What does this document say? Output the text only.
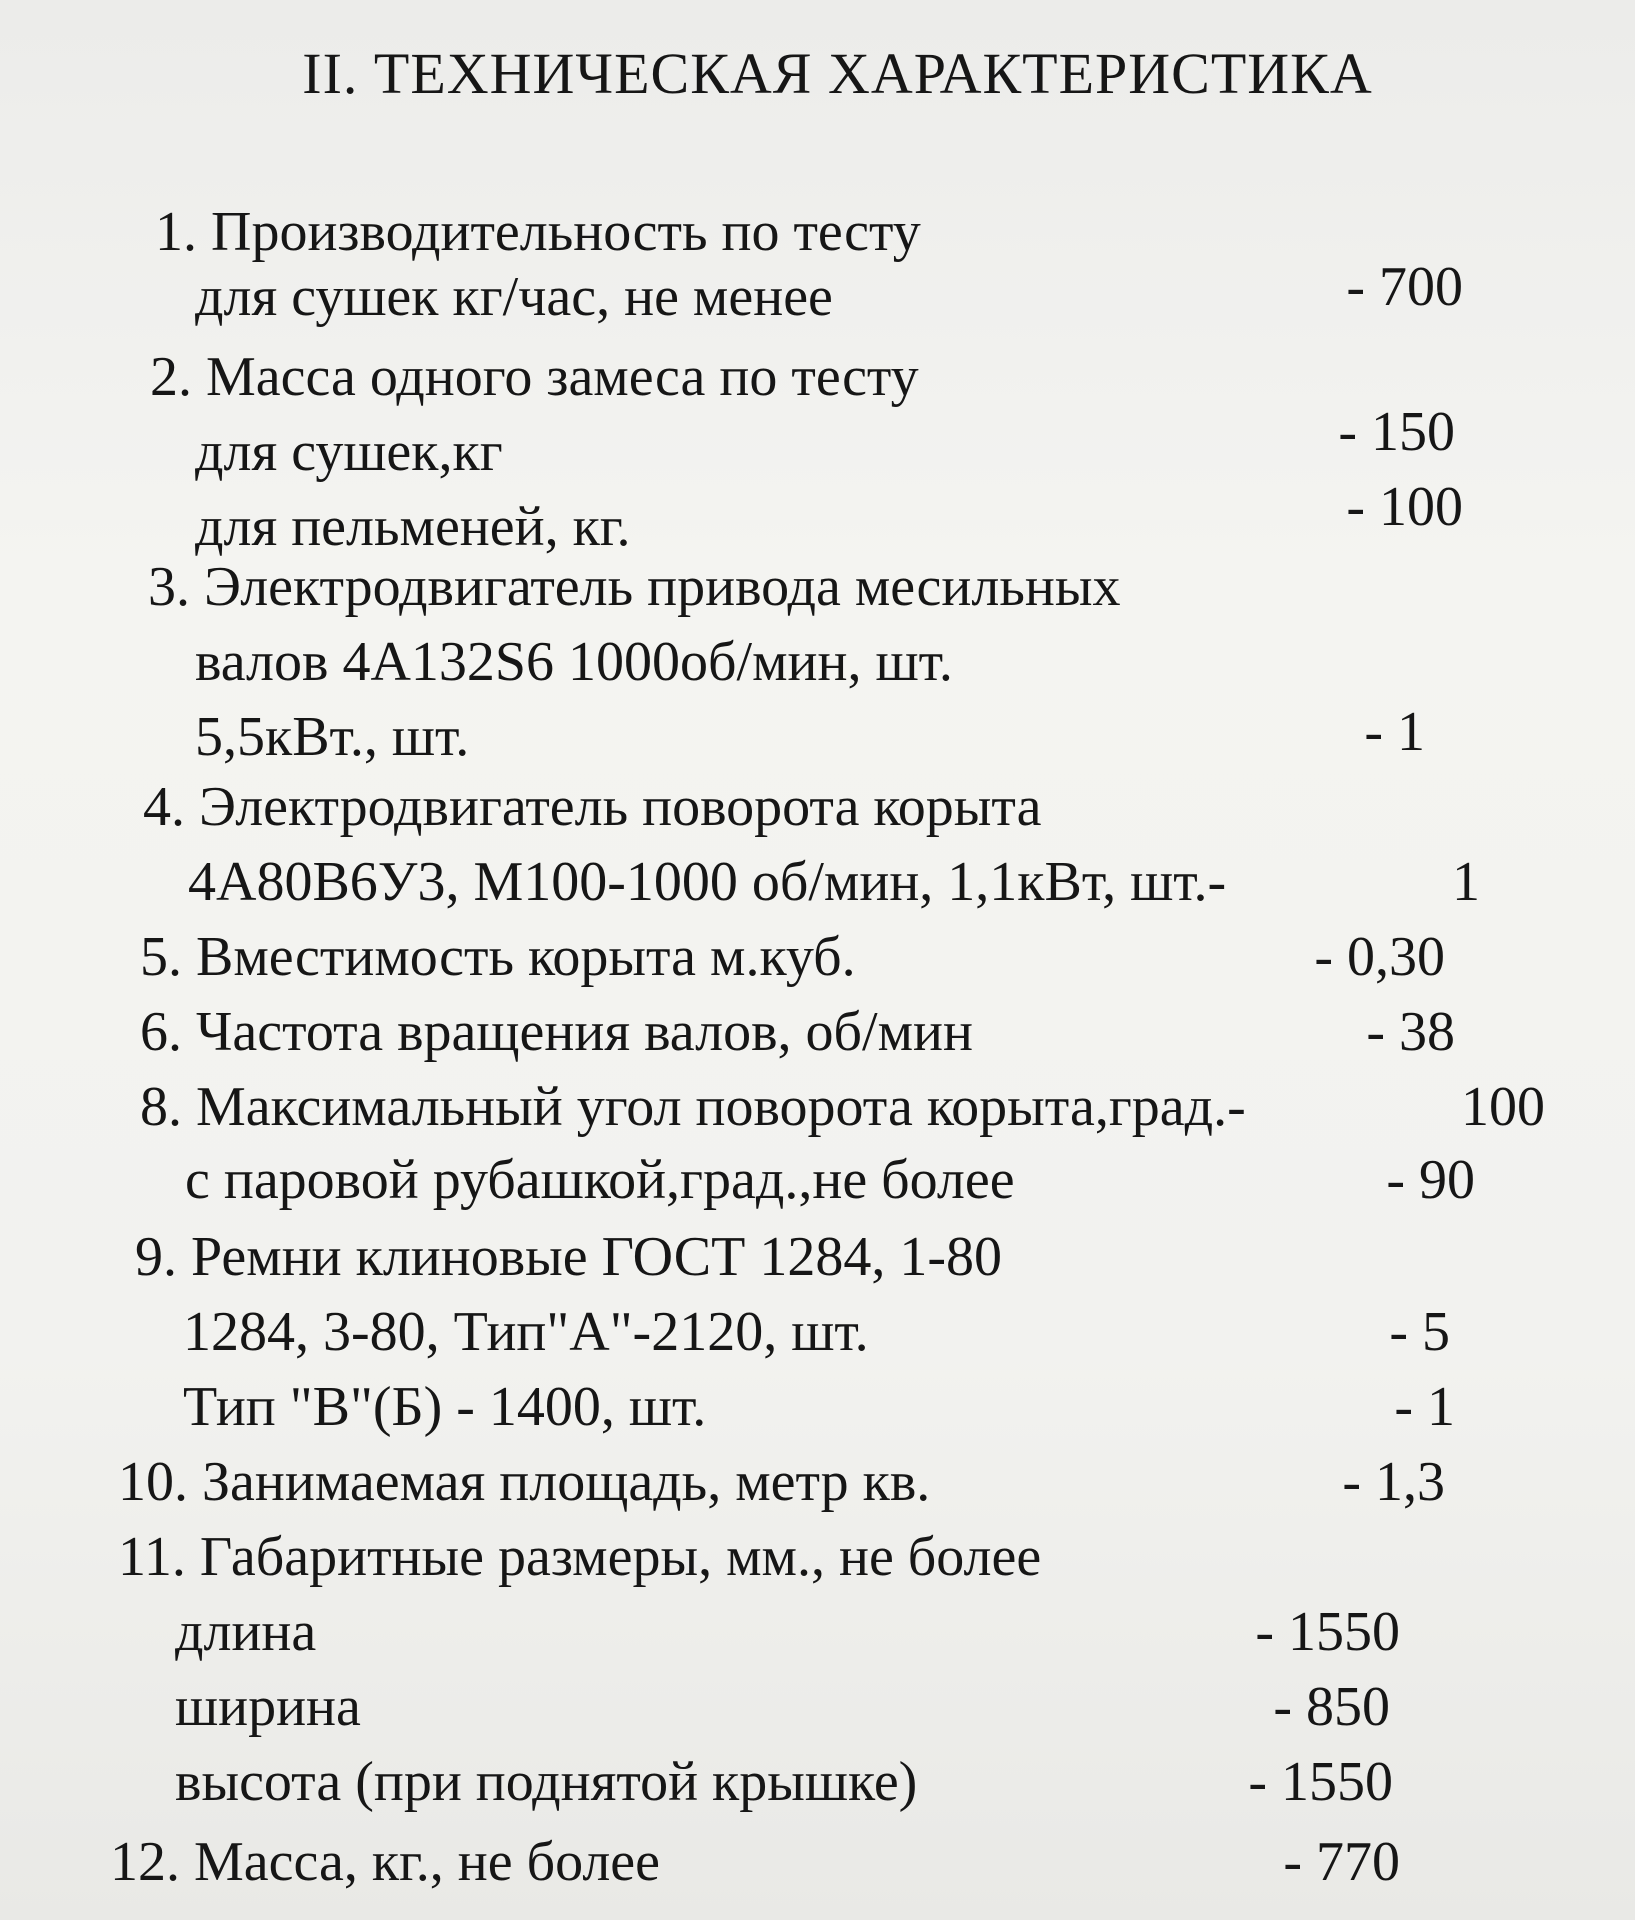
II. ТЕХНИЧЕСКАЯ ХАРАКТЕРИСТИКА
1. Производительность по тесту
для сушек кг/час, не менее	- 700
2. Масса одного замеса по тесту
для сушек,кг	- 150
для пельменей, кг.	- 100
3. Электродвигатель привода месильных
валов 4А132S6 1000об/мин, шт.
5,5кВт., шт.	- 1
4. Электродвигатель поворота корыта
4А80В6У3, М100-1000 об/мин, 1,1кВт, шт.-	1
5. Вместимость корыта м.куб.	- 0,30
6. Частота вращения валов, об/мин	- 38
8. Максимальный угол поворота корыта,град.-	100
с паровой рубашкой,град.,не более	- 90
9. Ремни клиновые ГОСТ 1284, 1-80
1284, 3-80, Тип"А"-2120, шт.	- 5
Тип "В"(Б) - 1400, шт.	- 1
10. Занимаемая площадь, метр кв.	- 1,3
11. Габаритные размеры, мм., не более
длина	- 1550
ширина	- 850
высота (при поднятой крышке)	- 1550
12. Масса, кг., не более	- 770
